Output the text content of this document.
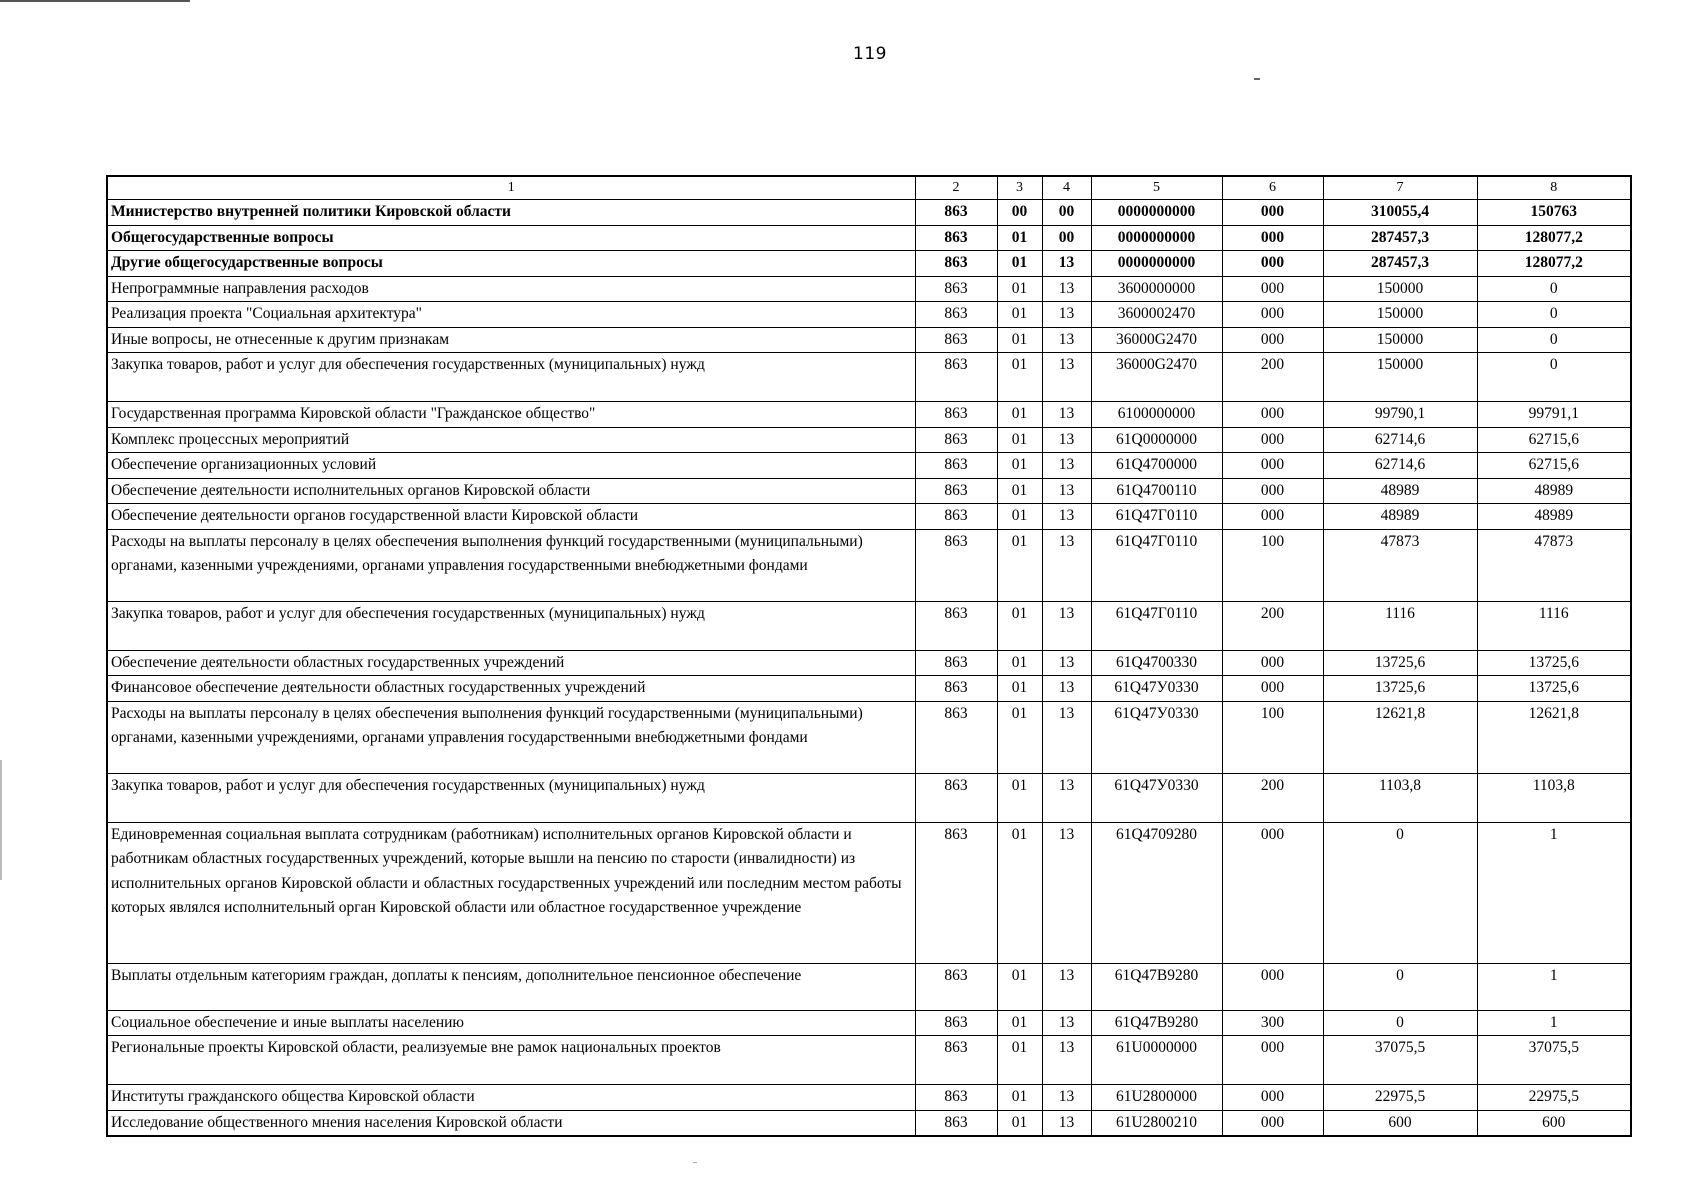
119
1	2	3	4	5	6	7	8
Министерство внутренней политики Кировской области	863	00	00	0000000000	000	310055,4	150763
Общегосударственные вопросы	863	01	00	0000000000	000	287457,3	128077,2
Другие общегосударственные вопросы	863	01	13	0000000000	000	287457,3	128077,2
Непрограммные направления расходов	863	01	13	3600000000	000	150000	0
Реализация проекта "Социальная архитектура"	863	01	13	3600002470	000	150000	0
Иные вопросы, не отнесенные к другим признакам	863	01	13	36000G2470	000	150000	0
Закупка товаров, работ и услуг для обеспечения государственных (муниципальных) нужд	863	01	13	36000G2470	200	150000	0
Государственная программа Кировской области "Гражданское общество"	863	01	13	6100000000	000	99790,1	99791,1
Комплекс процессных мероприятий	863	01	13	61Q0000000	000	62714,6	62715,6
Обеспечение организационных условий	863	01	13	61Q4700000	000	62714,6	62715,6
Обеспечение деятельности исполнительных органов Кировской области	863	01	13	61Q4700110	000	48989	48989
Обеспечение деятельности органов государственной власти Кировской области	863	01	13	61Q47Г0110	000	48989	48989
Расходы на выплаты персоналу в целях обеспечения выполнения функций государственными (муниципальными) органами, казенными учреждениями, органами управления государственными внебюджетными фондами	863	01	13	61Q47Г0110	100	47873	47873
Закупка товаров, работ и услуг для обеспечения государственных (муниципальных) нужд	863	01	13	61Q47Г0110	200	1116	1116
Обеспечение деятельности областных государственных учреждений	863	01	13	61Q4700330	000	13725,6	13725,6
Финансовое обеспечение деятельности областных государственных учреждений	863	01	13	61Q47У0330	000	13725,6	13725,6
Расходы на выплаты персоналу в целях обеспечения выполнения функций государственными (муниципальными) органами, казенными учреждениями, органами управления государственными внебюджетными фондами	863	01	13	61Q47У0330	100	12621,8	12621,8
Закупка товаров, работ и услуг для обеспечения государственных (муниципальных) нужд	863	01	13	61Q47У0330	200	1103,8	1103,8
Единовременная социальная выплата сотрудникам (работникам) исполнительных органов Кировской области и работникам областных государственных учреждений, которые вышли на пенсию по старости (инвалидности) из исполнительных органов Кировской области и областных государственных учреждений или последним местом работы которых являлся исполнительный орган Кировской области или областное государственное учреждение	863	01	13	61Q4709280	000	0	1
Выплаты отдельным категориям граждан, доплаты к пенсиям, дополнительное пенсионное обеспечение	863	01	13	61Q47В9280	000	0	1
Социальное обеспечение и иные выплаты населению	863	01	13	61Q47В9280	300	0	1
Региональные проекты Кировской области, реализуемые вне рамок национальных проектов	863	01	13	61U0000000	000	37075,5	37075,5
Институты гражданского общества Кировской области	863	01	13	61U2800000	000	22975,5	22975,5
Исследование общественного мнения населения Кировской области	863	01	13	61U2800210	000	600	600
